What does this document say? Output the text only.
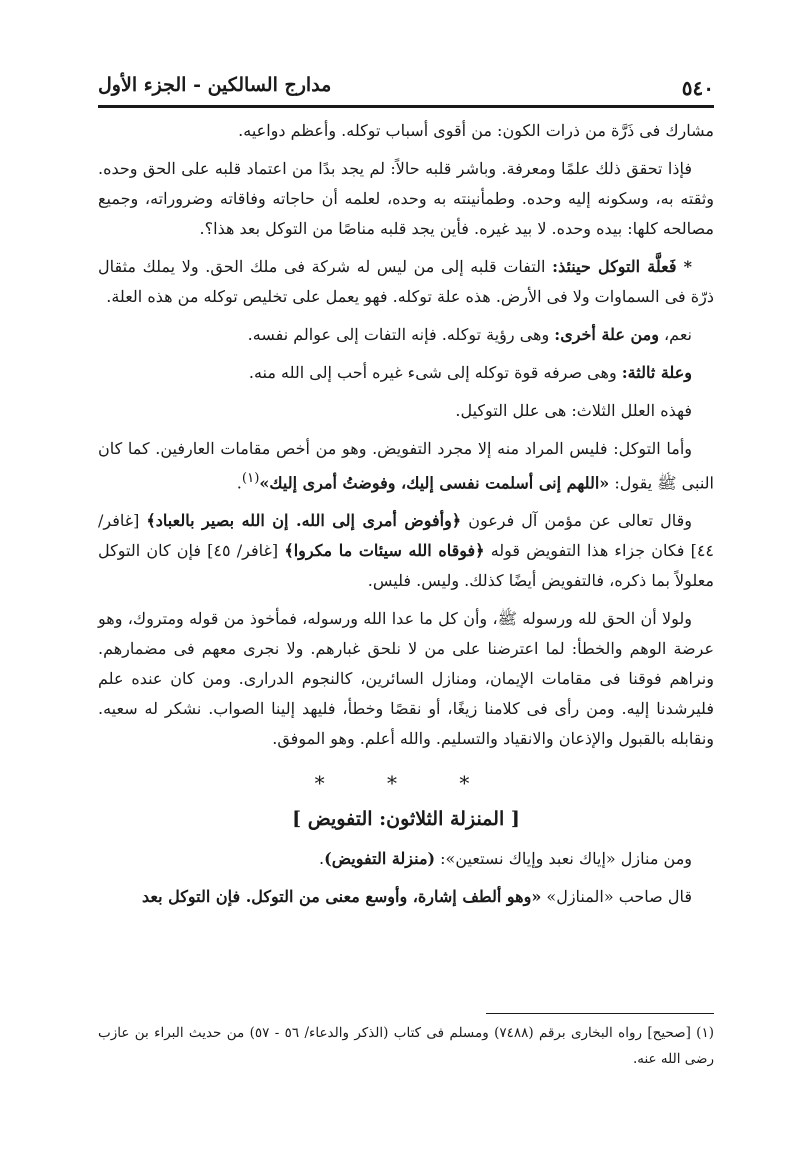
٥٤٠
مدارج السالكين - الجزء الأول

مشارك فى ذَرَّة من ذرات الكون: من أقوى أسباب توكله. وأعظم دواعيه.

فإذا تحقق ذلك علمًا ومعرفة. وباشر قلبه حالاً: لم يجد بدًا من اعتماد قلبه على الحق وحده. وثقته به، وسكونه إليه وحده. وطمأنينته به وحده، لعلمه أن حاجاته وفاقاته وضروراته، وجميع مصالحه كلها: بيده وحده. لا بيد غيره. فأين يجد قلبه مناصًا من التوكل بعد هذا؟.

* فَعلَّة التوكل حينئذ: التفات قلبه إلى من ليس له شركة فى ملك الحق. ولا يملك مثقال ذرّة فى السماوات ولا فى الأرض. هذه علة توكله. فهو يعمل على تخليص توكله من هذه العلة.

نعم، ومن علة أخرى: وهى رؤية توكله. فإنه التفات إلى عوالم نفسه.

وعلة ثالثة: وهى صرفه قوة توكله إلى شىء غيره أحب إلى الله منه.

فهذه العلل الثلاث: هى علل التوكيل.

وأما التوكل: فليس المراد منه إلا مجرد التفويض. وهو من أخص مقامات العارفين. كما كان النبى ﷺ يقول: «اللهم إنى أسلمت نفسى إليك، وفوضتُ أمرى إليك»$^{(١)}$.

وقال تعالى عن مؤمن آل فرعون ﴿وأفوض أمرى إلى الله. إن الله بصير بالعباد﴾ [غافر/ ٤٤] فكان جزاء هذا التفويض قوله ﴿فوقاه الله سيئات ما مكروا﴾ [غافر/ ٤٥] فإن كان التوكل معلولاً بما ذكره، فالتفويض أيضًا كذلك. وليس. فليس.

ولولا أن الحق لله ورسوله ﷺ، وأن كل ما عدا الله ورسوله، فمأخوذ من قوله ومتروك، وهو عرضة الوهم والخطأ: لما اعترضنا على من لا نلحق غبارهم. ولا نجرى معهم فى مضمارهم. ونراهم فوقنا فى مقامات الإيمان، ومنازل السائرين، كالنجوم الدرارى. ومن كان عنده علم فليرشدنا إليه. ومن رأى فى كلامنا زيغًا، أو نقصًا وخطأ، فليهد إلينا الصواب. نشكر له سعيه. ونقابله بالقبول والإذعان والانقياد والتسليم. والله أعلم. وهو الموفق.

* * *
[ المنزلة الثلاثون: التفويض ]

ومن منازل «إياك نعبد وإياك نستعين»: (منزلة التفويض).

قال صاحب «المنازل» «وهو ألطف إشارة، وأوسع معنى من التوكل. فإن التوكل بعد

(١) [صحيح] رواه البخارى برقم (٧٤٨٨) ومسلم فى كتاب (الذكر والدعاء/ ٥٦ - ٥٧) من حديث البراء بن عازب رضى الله عنه.
